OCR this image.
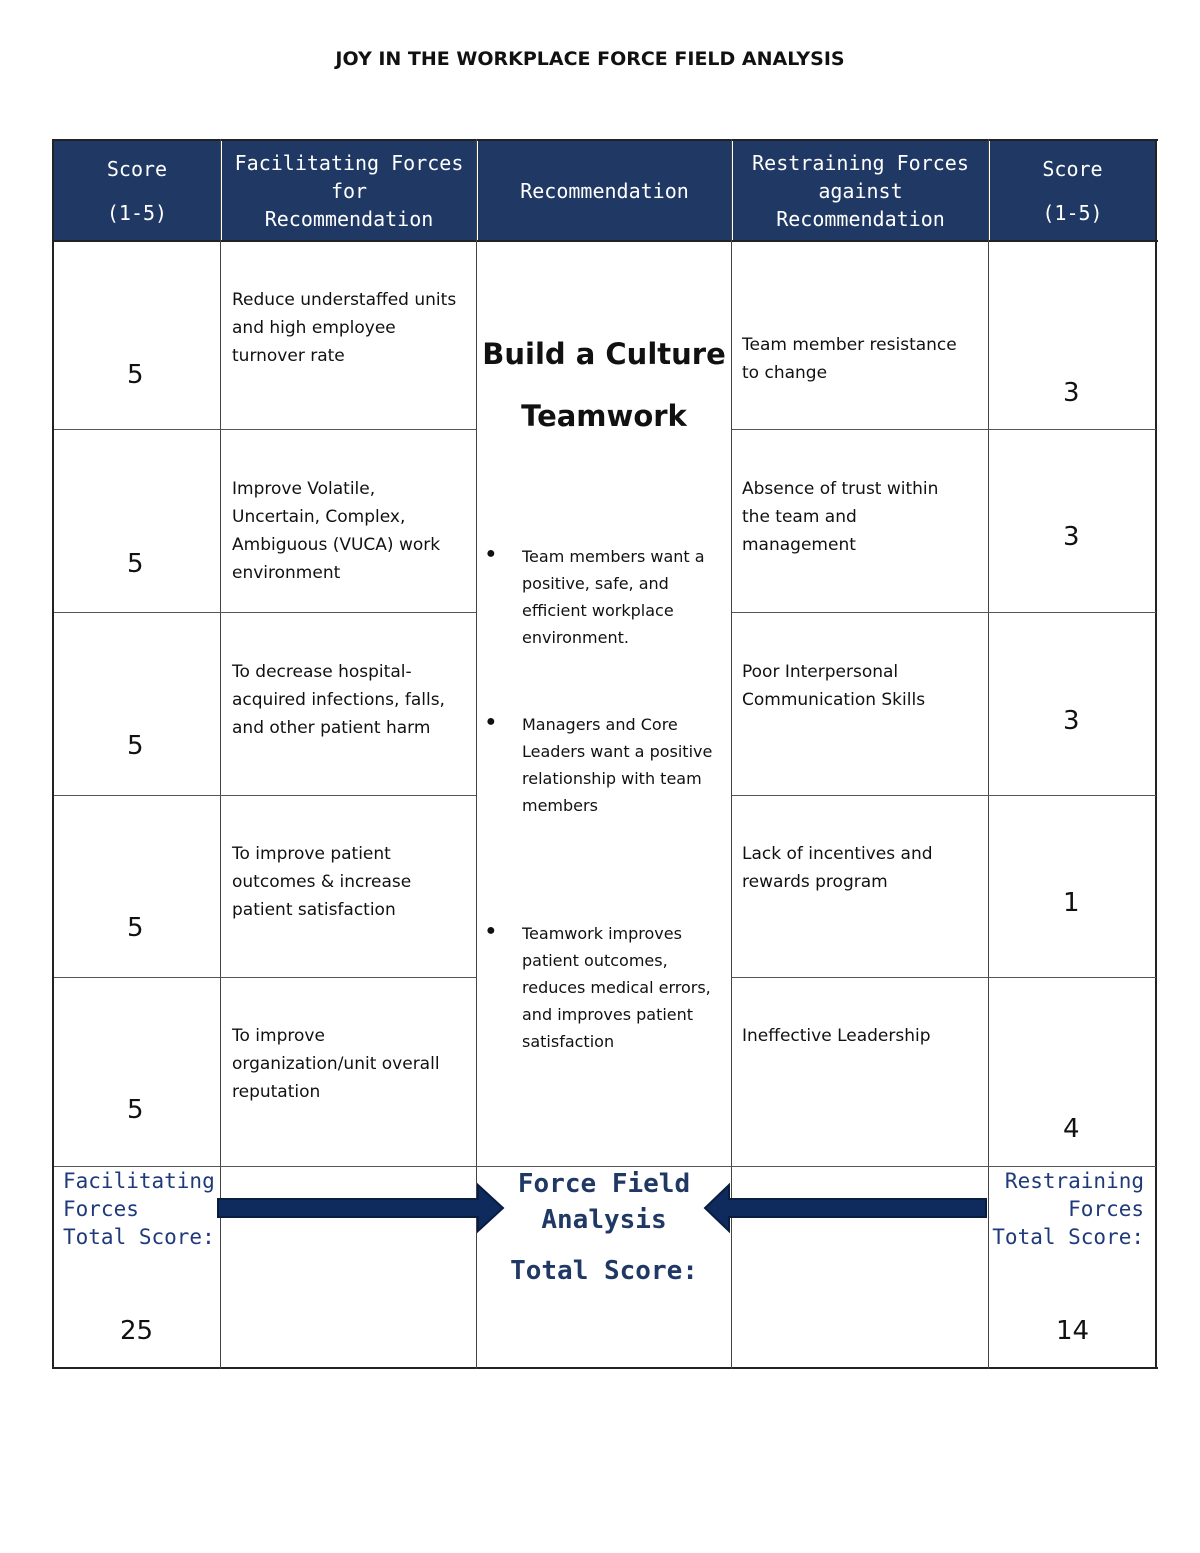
JOY IN THE WORKPLACE FORCE FIELD ANALYSIS
Score
(1-5)
Facilitating Forces
for
Recommendation
Recommendation
Restraining Forces
against
Recommendation
Score
(1-5)
5
Reduce understaffed units
and high employee
turnover rate
Team member resistance
to change
3
5
Improve Volatile,
Uncertain, Complex,
Ambiguous (VUCA) work
environment
Absence of trust within
the team and
management	3
5
To decrease hospital-
acquired infections, falls,
and other patient harm
Poor Interpersonal
Communication Skills
3
5
To improve patient
outcomes & increase
patient satisfaction
Lack of incentives and
rewards program
1
5
To improve
organization/unit overall
reputation
Ineffective Leadership
4
Build a Culture
Teamwork
● Team members want a
positive, safe, and
efficient workplace
environment.
● Managers and Core
Leaders want a positive
relationship with team
members
● Teamwork improves
patient outcomes,
reduces medical errors,
and improves patient
satisfaction
Facilitating
Forces
Total Score:
25
Restraining
Forces
Total Score:
14
Force Field
Analysis
Total Score:
